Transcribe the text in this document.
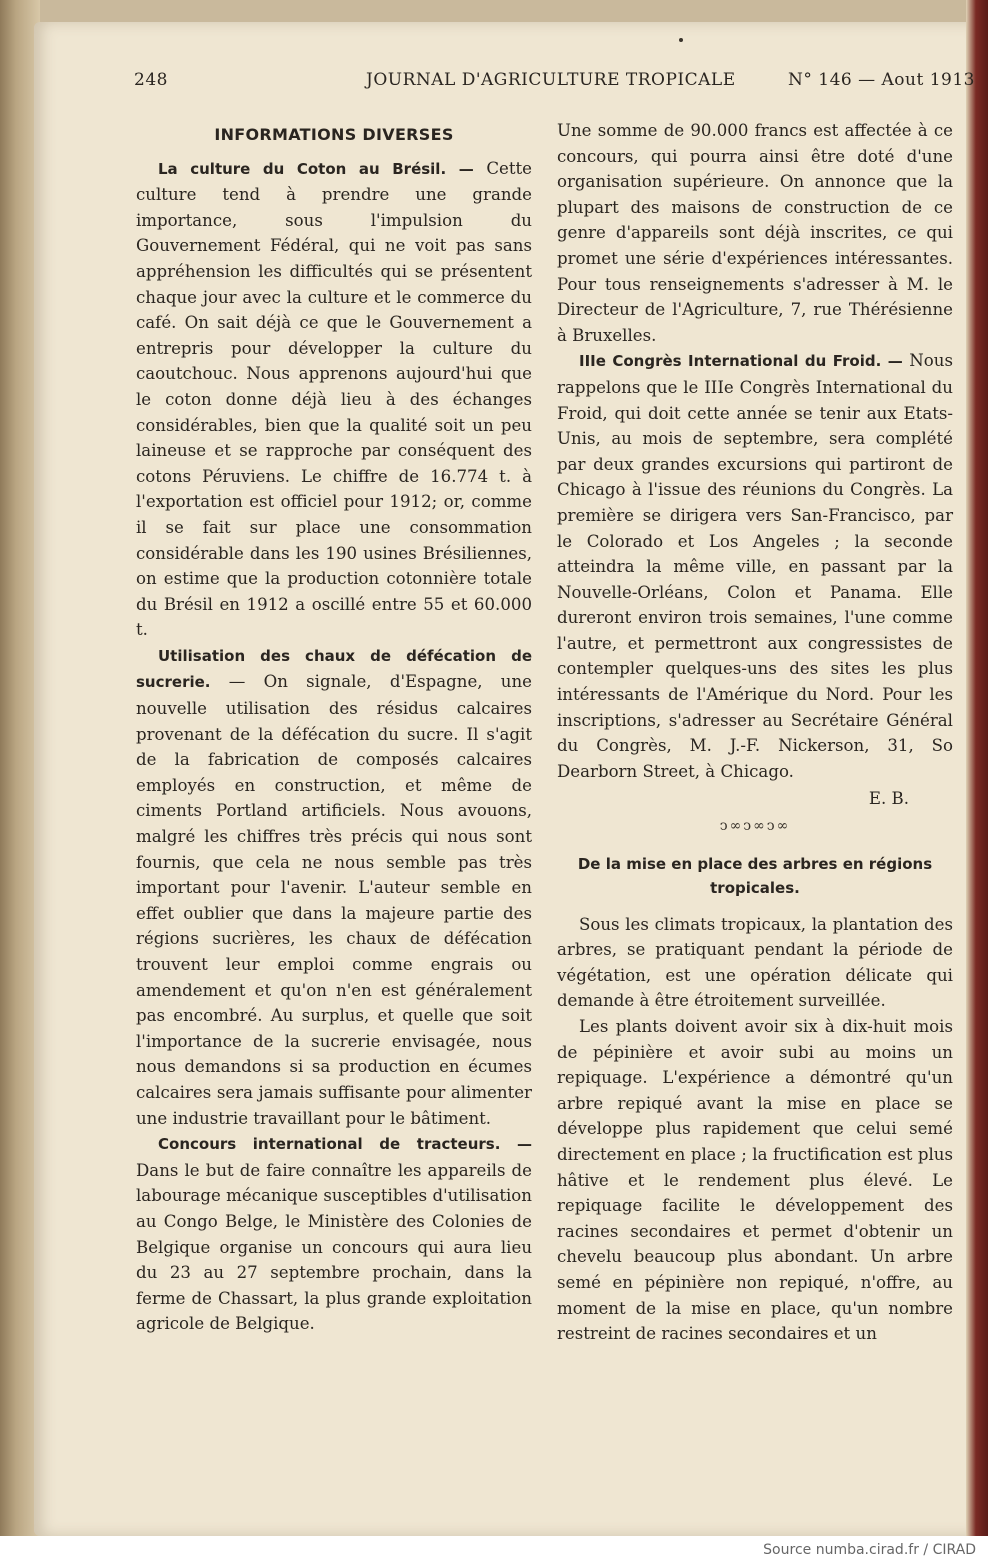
248	JOURNAL D'AGRICULTURE TROPICALE	N° 146 — Aout 1913
INFORMATIONS DIVERSES

La culture du Coton au Brésil. — Cette culture tend à prendre une grande importance, sous l'impulsion du Gouvernement Fédéral, qui ne voit pas sans appréhension les difficultés qui se présentent chaque jour avec la culture et le commerce du café. On sait déjà ce que le Gouvernement a entrepris pour développer la culture du caoutchouc. Nous apprenons aujourd'hui que le coton donne déjà lieu à des échanges considérables, bien que la qualité soit un peu laineuse et se rapproche par conséquent des cotons Péruviens. Le chiffre de 16.774 t. à l'exportation est officiel pour 1912; or, comme il se fait sur place une consommation considérable dans les 190 usines Brésiliennes, on estime que la production cotonnière totale du Brésil en 1912 a oscillé entre 55 et 60.000 t.

Utilisation des chaux de défécation de sucrerie. — On signale, d'Espagne, une nouvelle utilisation des résidus calcaires provenant de la défécation du sucre. Il s'agit de la fabrication de composés calcaires employés en construction, et même de ciments Portland artificiels. Nous avouons, malgré les chiffres très précis qui nous sont fournis, que cela ne nous semble pas très important pour l'avenir. L'auteur semble en effet oublier que dans la majeure partie des régions sucrières, les chaux de défécation trouvent leur emploi comme engrais ou amendement et qu'on n'en est généralement pas encombré. Au surplus, et quelle que soit l'importance de la sucrerie envisagée, nous nous demandons si sa production en écumes calcaires sera jamais suffisante pour alimenter une industrie travaillant pour le bâtiment.

Concours international de tracteurs. — Dans le but de faire connaître les appareils de labourage mécanique susceptibles d'utilisation au Congo Belge, le Ministère des Colonies de Belgique organise un concours qui aura lieu du 23 au 27 septembre prochain, dans la ferme de Chassart, la plus grande exploitation agricole de Belgique.

Une somme de 90.000 francs est affectée à ce concours, qui pourra ainsi être doté d'une organisation supérieure. On annonce que la plupart des maisons de construction de ce genre d'appareils sont déjà inscrites, ce qui promet une série d'expériences intéressantes. Pour tous renseignements s'adresser à M. le Directeur de l'Agriculture, 7, rue Thérésienne à Bruxelles.

IIIe Congrès International du Froid. — Nous rappelons que le IIIe Congrès International du Froid, qui doit cette année se tenir aux Etats-Unis, au mois de septembre, sera complété par deux grandes excursions qui partiront de Chicago à l'issue des réunions du Congrès. La première se dirigera vers San-Francisco, par le Colorado et Los Angeles ; la seconde atteindra la même ville, en passant par la Nouvelle-Orléans, Colon et Panama. Elle dureront environ trois semaines, l'une comme l'autre, et permettront aux congressistes de contempler quelques-uns des sites les plus intéressants de l'Amérique du Nord. Pour les inscriptions, s'adresser au Secrétaire Général du Congrès, M. J.-F. Nickerson, 31, So Dearborn Street, à Chicago.

E. B.
ↄ∞ↄ∞ↄ∞
De la mise en place des arbres en régions tropicales.

Sous les climats tropicaux, la plantation des arbres, se pratiquant pendant la période de végétation, est une opération délicate qui demande à être étroitement surveillée.

Les plants doivent avoir six à dix-huit mois de pépinière et avoir subi au moins un repiquage. L'expérience a démontré qu'un arbre repiqué avant la mise en place se développe plus rapidement que celui semé directement en place ; la fructification est plus hâtive et le rendement plus élevé. Le repiquage facilite le développement des racines secondaires et permet d'obtenir un chevelu beaucoup plus abondant. Un arbre semé en pépinière non repiqué, n'offre, au moment de la mise en place, qu'un nombre restreint de racines secondaires et un

Source numba.cirad.fr / CIRAD
